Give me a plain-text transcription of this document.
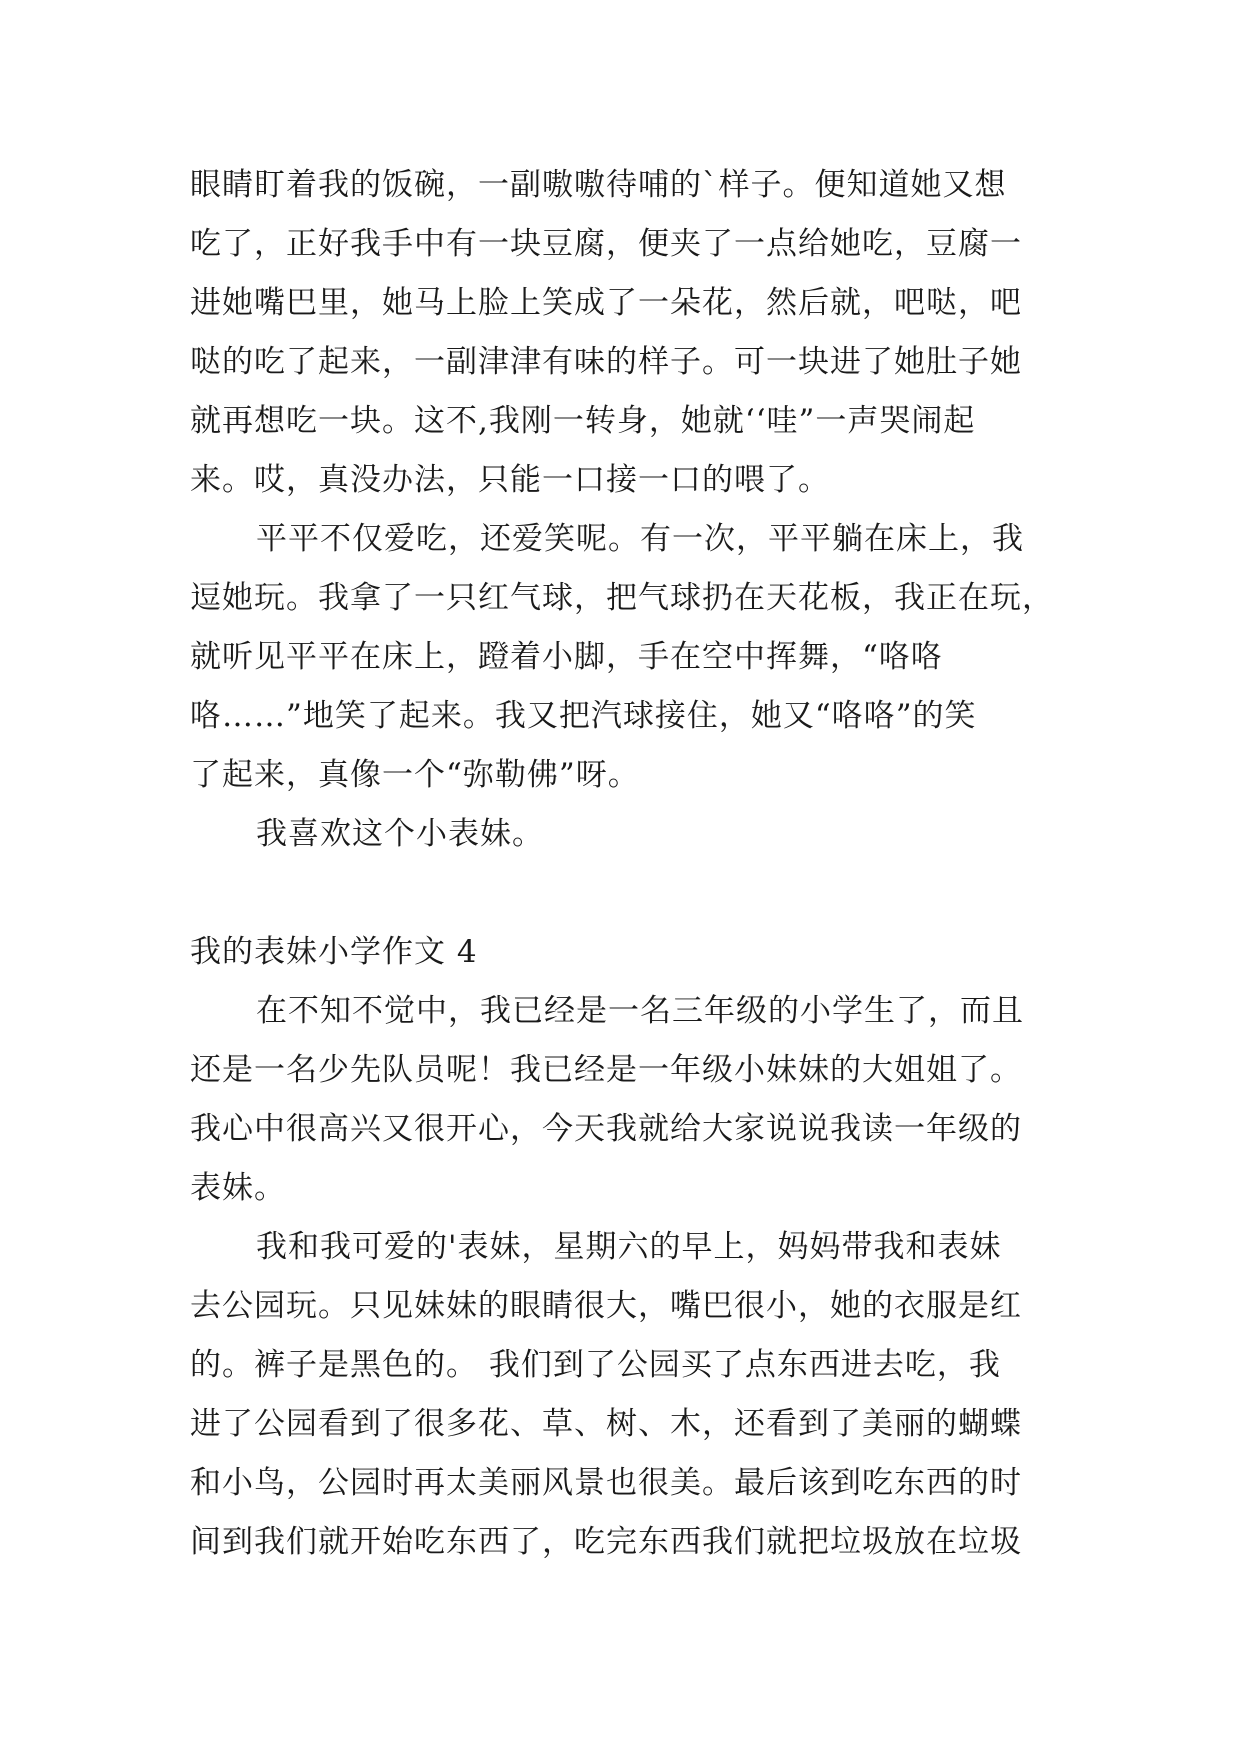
眼睛盯着我的饭碗，一副嗷嗷待哺的`样子。便知道她又想
吃了，正好我手中有一块豆腐，便夹了一点给她吃，豆腐一
进她嘴巴里，她马上脸上笑成了一朵花，然后就，吧哒，吧
哒的吃了起来，一副津津有味的样子。可一块进了她肚子她
就再想吃一块。这不,我刚一转身，她就‘‘哇”一声哭闹起
来。哎，真没办法，只能一口接一口的喂了。
平平不仅爱吃，还爱笑呢。有一次，平平躺在床上，我
逗她玩。我拿了一只红气球，把气球扔在天花板，我正在玩，
就听见平平在床上，蹬着小脚，手在空中挥舞，“咯咯
咯……”地笑了起来。我又把汽球接住，她又“咯咯”的笑
了起来，真像一个“弥勒佛”呀。
我喜欢这个小表妹。
我的表妹小学作文 4
在不知不觉中，我已经是一名三年级的小学生了，而且
还是一名少先队员呢！我已经是一年级小妹妹的大姐姐了。
我心中很高兴又很开心，今天我就给大家说说我读一年级的
表妹。
我和我可爱的'表妹，星期六的早上，妈妈带我和表妹
去公园玩。只见妹妹的眼睛很大，嘴巴很小，她的衣服是红
的。裤子是黑色的。 我们到了公园买了点东西进去吃，我
进了公园看到了很多花、草、树、木，还看到了美丽的蝴蝶
和小鸟，公园时再太美丽风景也很美。最后该到吃东西的时
间到我们就开始吃东西了，吃完东西我们就把垃圾放在垃圾
